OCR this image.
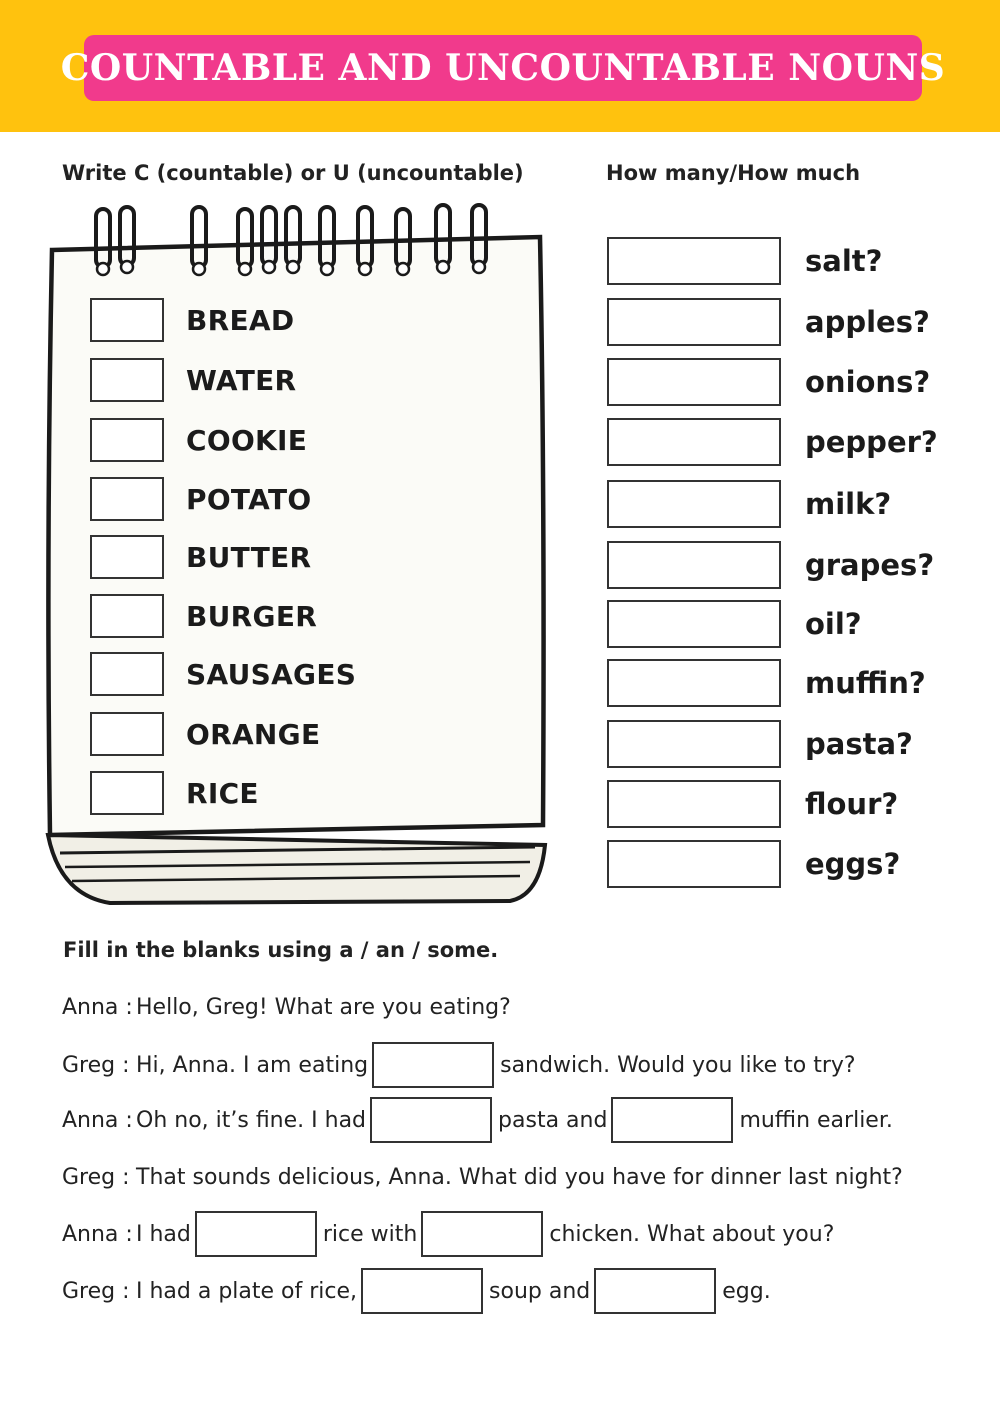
COUNTABLE AND UNCOUNTABLE NOUNS
Write C (countable) or U (uncountable)	How many/How much
BREAD
WATER
COOKIE
POTATO
BUTTER
BURGER
SAUSAGES
ORANGE
RICE
salt?
apples?
onions?
pepper?
milk?
grapes?
oil?
muffin?
pasta?
flour?
eggs?
Fill in the blanks using a / an / some.
Anna : Hello, Greg! What are you eating?
Greg : Hi, Anna. I am eating	sandwich. Would you like to try?
Anna : Oh no, it’s fine. I had	pasta and	muffin earlier.
Greg : That sounds delicious, Anna. What did you have for dinner last night?
Anna : I had	rice with	chicken. What about you?
Greg : I had a plate of rice,	soup and	egg.
